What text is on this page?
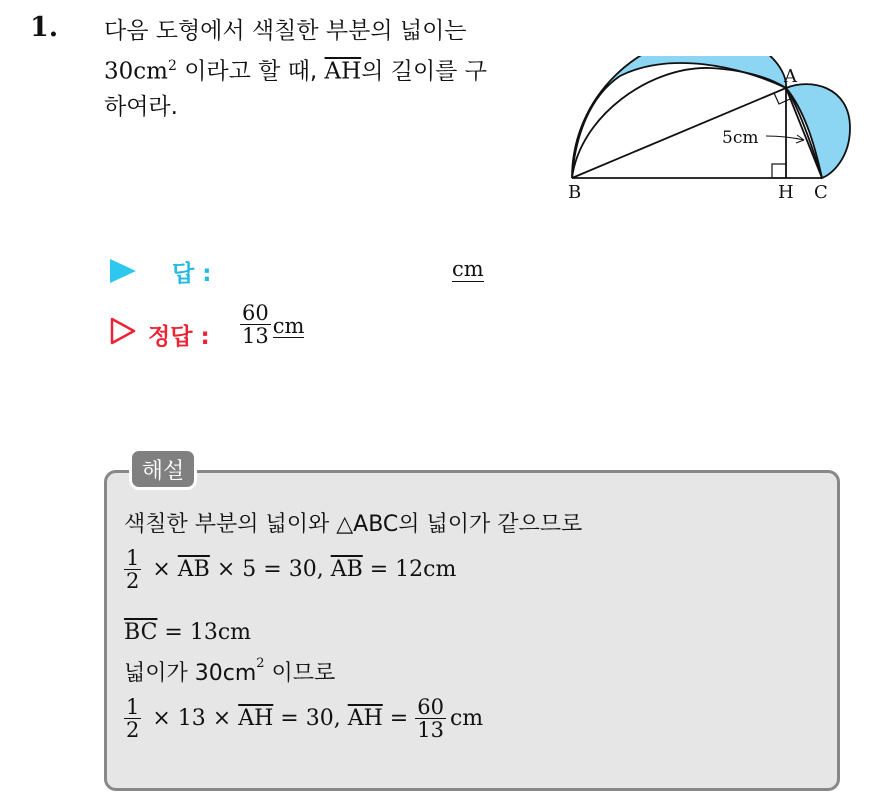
1. 다음 도형에서 색칠한 부분의 넓이는
$30cm^2$ 이라고 할 때, $\overline{AH}$의 길이를 구
하여라.
A
B	C
H
5cm
답 :	cm
정답 : $\frac{60}{13}$ cm
해설
색칠한 부분의 넓이와 △ABC의 넓이가 같으므로
$\frac{1}{2} \times \overline{AB} \times 5 = 30$, $\overline{AB} = 12cm$
$\overline{BC} = 13cm$
넓이가 $30cm^2$ 이므로
$\frac{1}{2} \times 13 \times \overline{AH} = 30$, $\overline{AH} = \frac{60}{13}$ cm
